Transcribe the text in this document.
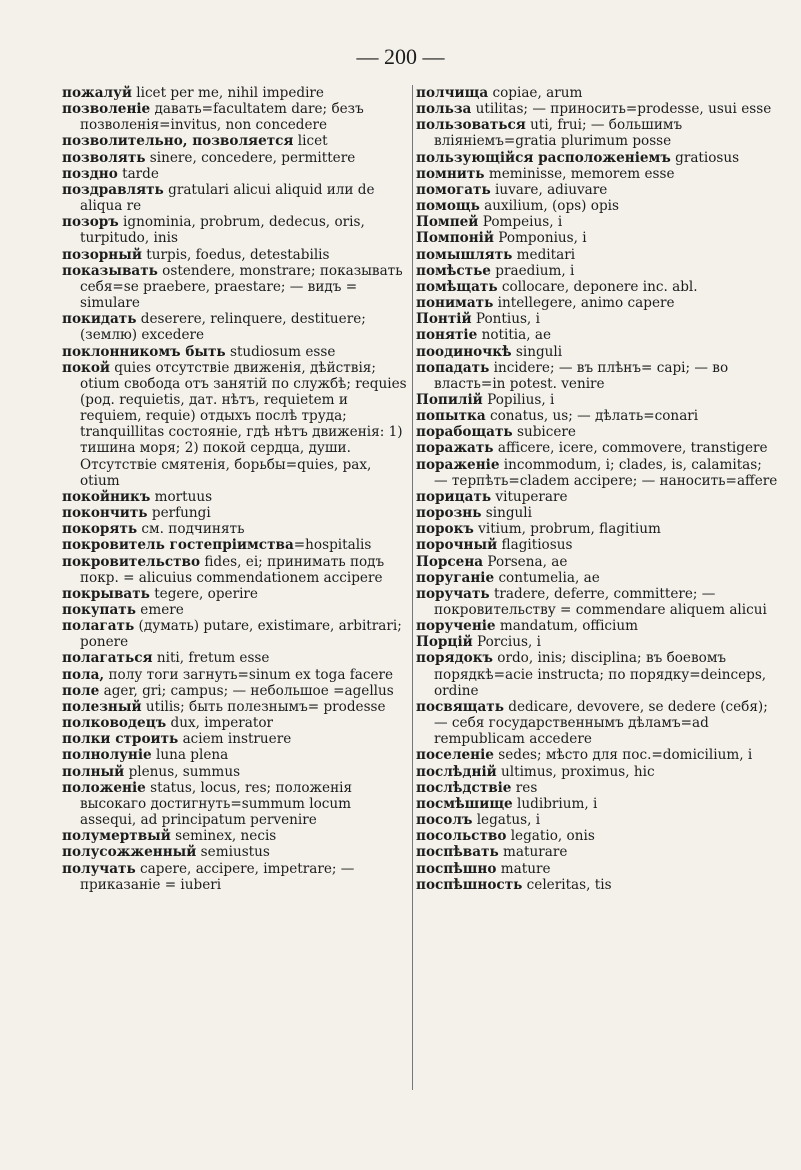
— 200 —
пожалуй licet per me, nihil impedire
позволеніе давать=facultatem dare; безъ позволенія=invitus, non concedere
позволительно, позволяется licet
позволять sinere, concedere, permittere
поздно tarde
поздравлять gratulari alicui aliquid или de aliqua re
позоръ ignominia, probrum, dedecus, oris, turpitudo, inis
позорный turpis, foedus, detestabilis
показывать ostendere, monstrare; показывать себя=se praebere, praestare; — видъ = simulare
покидать deserere, relinquere, destituere; (землю) excedere
поклонникомъ быть studiosum esse
покой quies отсутствіе движенія, дѣйствія; otium свобода отъ занятій по службѣ; requies (род. requietis, дат. нѣтъ, requietem и requiem, requie) отдыхъ послѣ труда; tranquillitas состояніе, гдѣ нѣтъ движенія: 1) тишина моря; 2) покой сердца, души. Отсутствіе смятенія, борьбы=quies, pax, otium
покойникъ mortuus
покончить perfungi
покорять см. подчинять
покровитель гостепріимства=hospitalis
покровительство fides, ei; принимать подъ покр. = alicuius commendationem accipere
покрывать tegere, operire
покупать emere
полагать (думать) putare, existimare, arbitrari; ponere
полагаться niti, fretum esse
пола, полу тоги загнуть=sinum ex toga facere
поле ager, gri; campus; — небольшое =agellus
полезный utilis; быть полезнымъ= prodesse
полководецъ dux, imperator
полки строить aciem instruere
полнолуніе luna plena
полный plenus, summus
положеніе status, locus, res; положенія высокаго достигнуть=summum locum assequi, ad principatum pervenire
полумертвый seminex, necis
полусожженный semiustus
получать capere, accipere, impetrare; — приказаніе = iuberi
полчища copiae, arum
польза utilitas; — приносить=prodesse, usui esse
пользоваться uti, frui; — большимъ вліяніемъ=gratia plurimum posse
пользующійся расположеніемъ gratiosus
помнить meminisse, memorem esse
помогать iuvare, adiuvare
помощь auxilium, (ops) opis
Помпей Pompeius, i
Помпоній Pomponius, i
помышлять meditari
помѣстье praedium, i
помѣщать collocare, deponere inc. abl.
понимать intellegere, animo capere
Понтій Pontius, i
понятіе notitia, ae
поодиночкѣ singuli
попадать incidere; — въ плѣнъ= capi; — во власть=in potest. venire
Попилій Popilius, i
попытка conatus, us; — дѣлать=conari
порабощать subicere
поражать afficere, icere, commovere, transtigere
пораженіе incommodum, i; clades, is, calamitas; — терпѣть=cladem accipere; — наносить=affere
порицать vituperare
порознь singuli
порокъ vitium, probrum, flagitium
порочный flagitiosus
Порсена Porsena, ae
поруганіе contumelia, ae
поручать tradere, deferre, committere; — покровительству = commendare aliquem alicui
порученіе mandatum, officium
Порцій Porcius, i
порядокъ ordo, inis; disciplina; въ боевомъ порядкѣ=acie instructa; по порядку=deinceps, ordine
посвящать dedicare, devovere, se dedere (себя); — себя государственнымъ дѣламъ=ad rempublicam accedere
поселеніе sedes; мѣсто для пос.=domicilium, i
послѣдній ultimus, proximus, hic
послѣдствіе res
посмѣшище ludibrium, i
посолъ legatus, i
посольство legatio, onis
поспѣвать maturare
поспѣшно mature
поспѣшность celeritas, tis
